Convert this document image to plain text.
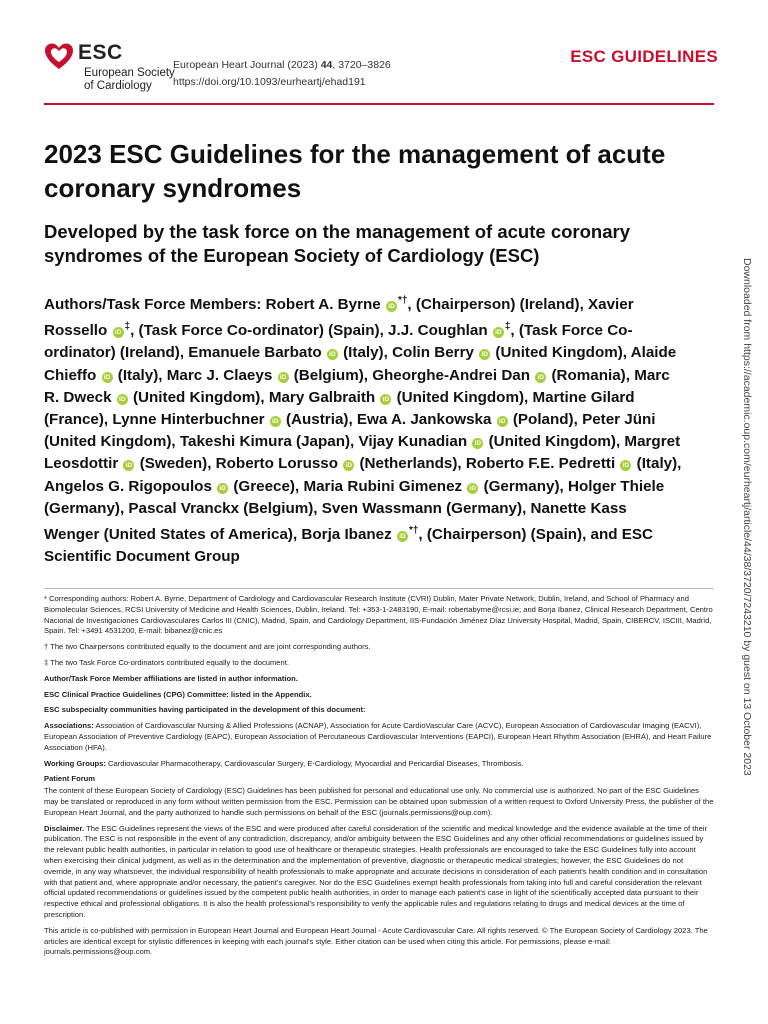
ESC
European Society
of Cardiology
European Heart Journal (2023) 44, 3720–3826
https://doi.org/10.1093/eurheartj/ehad191
ESC GUIDELINES
2023 ESC Guidelines for the management of acute coronary syndromes
Developed by the task force on the management of acute coronary syndromes of the European Society of Cardiology (ESC)
Authors/Task Force Members: Robert A. Byrne iD*†, (Chairperson) (Ireland), Xavier Rossello iD‡, (Task Force Co-ordinator) (Spain), J.J. Coughlan iD‡, (Task Force Co-ordinator) (Ireland), Emanuele Barbato iD (Italy), Colin Berry iD (United Kingdom), Alaide Chieffo iD (Italy), Marc J. Claeys iD (Belgium), Gheorghe-Andrei Dan iD (Romania), Marc R. Dweck iD (United Kingdom), Mary Galbraith iD (United Kingdom), Martine Gilard (France), Lynne Hinterbuchner iD (Austria), Ewa A. Jankowska iD (Poland), Peter Jüni (United Kingdom), Takeshi Kimura (Japan), Vijay Kunadian iD (United Kingdom), Margret Leosdottir iD (Sweden), Roberto Lorusso iD (Netherlands), Roberto F.E. Pedretti iD (Italy), Angelos G. Rigopoulos iD (Greece), Maria Rubini Gimenez iD (Germany), Holger Thiele (Germany), Pascal Vranckx (Belgium), Sven Wassmann (Germany), Nanette Kass Wenger (United States of America), Borja Ibanez iD*†, (Chairperson) (Spain), and ESC Scientific Document Group

* Corresponding authors: Robert A. Byrne, Department of Cardiology and Cardiovascular Research Institute (CVRI) Dublin, Mater Private Network, Dublin, Ireland, and School of Pharmacy and Biomolecular Sciences, RCSI University of Medicine and Health Sciences, Dublin, Ireland. Tel: +353-1-2483190, E-mail: robertabyrne@rcsi.ie; and Borja Ibanez, Clinical Research Department, Centro Nacional de Investigaciones Cardiovasculares Carlos III (CNIC), Madrid, Spain, and Cardiology Department, IIS-Fundación Jiménez Díaz University Hospital, Madrid, Spain, CIBERCV, ISCIII, Madrid, Spain. Tel: +3491 4531200, E-mail: bibanez@cnic.es

† The two Chairpersons contributed equally to the document and are joint corresponding authors.

‡ The two Task Force Co-ordinators contributed equally to the document.

Author/Task Force Member affiliations are listed in author information.

ESC Clinical Practice Guidelines (CPG) Committee: listed in the Appendix.

ESC subspecialty communities having participated in the development of this document:

Associations: Association of Cardiovascular Nursing & Allied Professions (ACNAP), Association for Acute CardioVascular Care (ACVC), European Association of Cardiovascular Imaging (EACVI), European Association of Preventive Cardiology (EAPC), European Association of Percutaneous Cardiovascular Interventions (EAPCI), European Heart Rhythm Association (EHRA), and Heart Failure Association (HFA).

Working Groups: Cardiovascular Pharmacotherapy, Cardiovascular Surgery, E-Cardiology, Myocardial and Pericardial Diseases, Thrombosis.

Patient Forum

The content of these European Society of Cardiology (ESC) Guidelines has been published for personal and educational use only. No commercial use is authorized. No part of the ESC Guidelines may be translated or reproduced in any form without written permission from the ESC. Permission can be obtained upon submission of a written request to Oxford University Press, the publisher of the European Heart Journal, and the party authorized to handle such permissions on behalf of the ESC (journals.permissions@oup.com).

Disclaimer. The ESC Guidelines represent the views of the ESC and were produced after careful consideration of the scientific and medical knowledge and the evidence available at the time of their publication. The ESC is not responsible in the event of any contradiction, discrepancy, and/or ambiguity between the ESC Guidelines and any other official recommendations or guidelines issued by the relevant public health authorities, in particular in relation to good use of healthcare or therapeutic strategies. Health professionals are encouraged to take the ESC Guidelines fully into account when exercising their clinical judgment, as well as in the determination and the implementation of preventive, diagnostic or therapeutic medical strategies; however, the ESC Guidelines do not override, in any way whatsoever, the individual responsibility of health professionals to make appropriate and accurate decisions in consideration of each patient's health condition and in consultation with that patient and, where appropriate and/or necessary, the patient's caregiver. Nor do the ESC Guidelines exempt health professionals from taking into full and careful consideration the relevant official updated recommendations or guidelines issued by the competent public health authorities, in order to manage each patient's case in light of the scientifically accepted data pursuant to their respective ethical and professional obligations. It is also the health professional's responsibility to verify the applicable rules and regulations relating to drugs and medical devices at the time of prescription.

This article is co-published with permission in European Heart Journal and European Heart Journal - Acute Cardiovascular Care. All rights reserved. © The European Society of Cardiology 2023. The articles are identical except for stylistic differences in keeping with each journal's style. Either citation can be used when citing this article. For permissions, please e-mail: journals.permissions@oup.com.

Downloaded from https://academic.oup.com/eurheartj/article/44/38/3720/7243210 by guest on 13 October 2023
